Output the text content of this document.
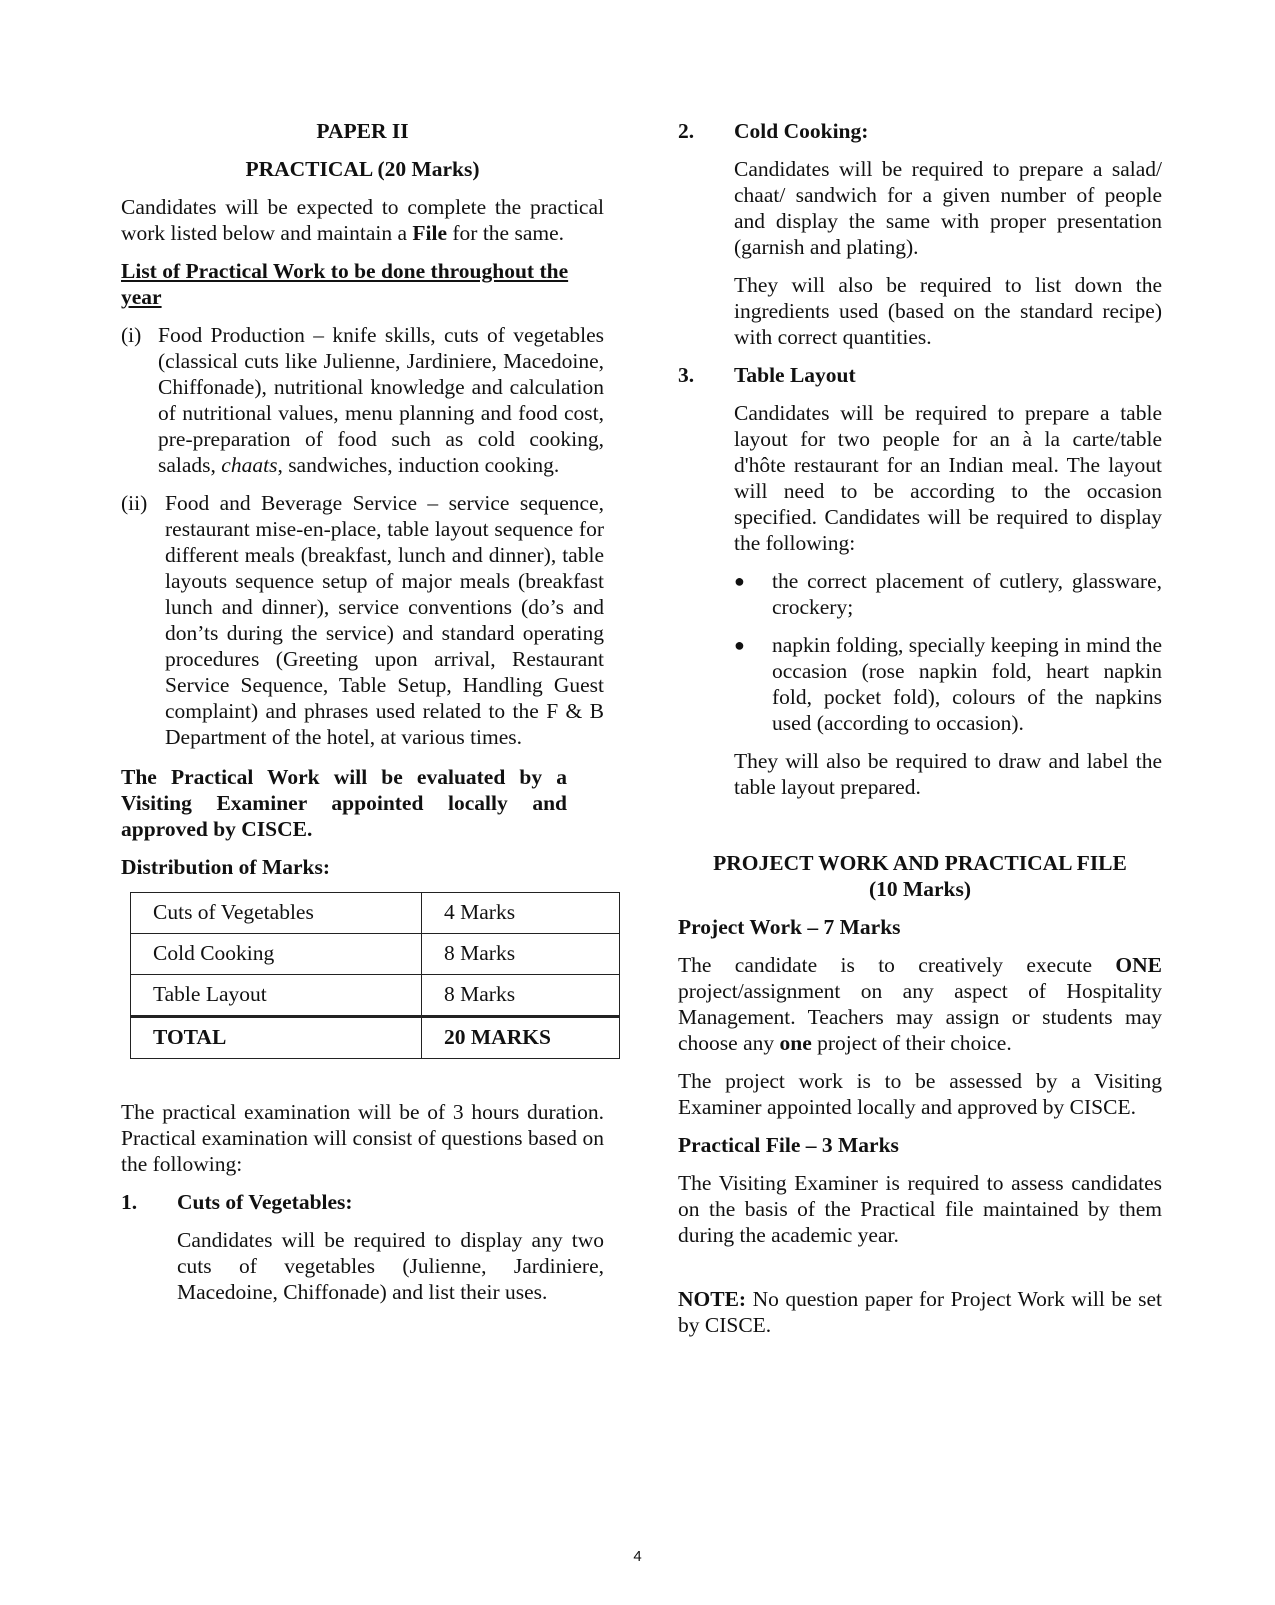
PAPER II

PRACTICAL (20 Marks)

Candidates will be expected to complete the practical work listed below and maintain a File for the same.

List of Practical Work to be done throughout the year

(i) Food Production – knife skills, cuts of vegetables (classical cuts like Julienne, Jardiniere, Macedoine, Chiffonade), nutritional knowledge and calculation of nutritional values, menu planning and food cost, pre-preparation of food such as cold cooking, salads, chaats, sandwiches, induction cooking.
(ii) Food and Beverage Service – service sequence, restaurant mise-en-place, table layout sequence for different meals (breakfast, lunch and dinner), table layouts sequence setup of major meals (breakfast lunch and dinner), service conventions (do’s and don’ts during the service) and standard operating procedures (Greeting upon arrival, Restaurant Service Sequence, Table Setup, Handling Guest complaint) and phrases used related to the F & B Department of the hotel, at various times.

The Practical Work will be evaluated by a Visiting Examiner appointed locally and approved by CISCE.

Distribution of Marks:

Cuts of Vegetables	4 Marks
Cold Cooking	8 Marks
Table Layout	8 Marks
TOTAL	20 MARKS

The practical examination will be of 3 hours duration. Practical examination will consist of questions based on the following:

1.	Cuts of Vegetables:

Candidates will be required to display any two cuts of vegetables (Julienne, Jardiniere, Macedoine, Chiffonade) and list their uses.

2.	Cold Cooking:

Candidates will be required to prepare a salad/ chaat/ sandwich for a given number of people and display the same with proper presentation (garnish and plating).

They will also be required to list down the ingredients used (based on the standard recipe) with correct quantities.

3.	Table Layout

Candidates will be required to prepare a table layout for two people for an à la carte/table d'hôte restaurant for an Indian meal. The layout will need to be according to the occasion specified. Candidates will be required to display the following:

●	the correct placement of cutlery, glassware, crockery;
●	napkin folding, specially keeping in mind the occasion (rose napkin fold, heart napkin fold, pocket fold), colours of the napkins used (according to occasion).

They will also be required to draw and label the table layout prepared.

PROJECT WORK AND PRACTICAL FILE

(10 Marks)

Project Work – 7 Marks

The candidate is to creatively execute ONE project/assignment on any aspect of Hospitality Management. Teachers may assign or students may choose any one project of their choice.

The project work is to be assessed by a Visiting Examiner appointed locally and approved by CISCE.

Practical File – 3 Marks

The Visiting Examiner is required to assess candidates on the basis of the Practical file maintained by them during the academic year.

NOTE: No question paper for Project Work will be set by CISCE.

4
